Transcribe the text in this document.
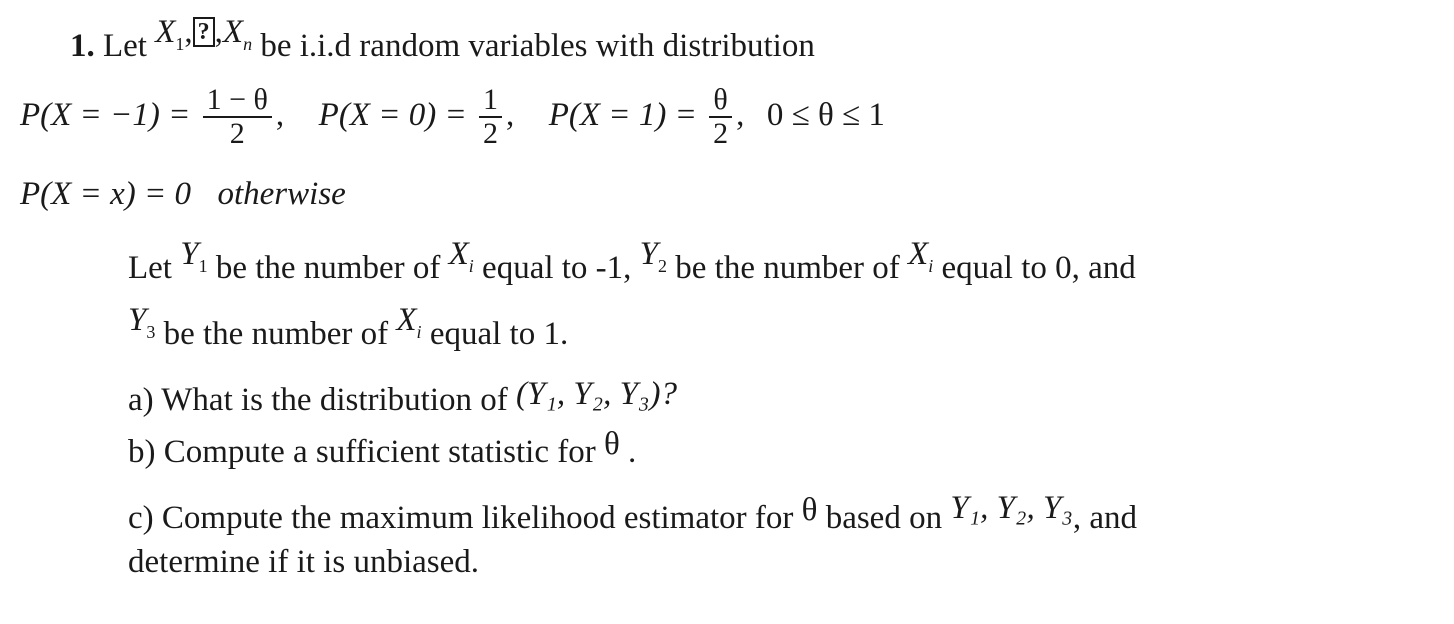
1. Let $X_1$, ? $,X_n$ be i.i.d random variables with distribution
$P(X = -1) = \frac{1 - \theta}{2}$ , $P(X = 0) = \frac{1}{2}$ , $P(X = 1) = \frac{\theta}{2}$ , 0 ≤ θ ≤ 1
P(X = x) = 0 otherwise
Let $Y_1$ be the number of $X_i$ equal to -1, $Y_2$ be the number of $X_i$ equal to 0, and
$Y_3$ be the number of $X_i$ equal to 1.
a) What is the distribution of (Y₁, Y₂, Y₃)?
b) Compute a sufficient statistic for θ .
c) Compute the maximum likelihood estimator for θ based on Y₁, Y₂, Y₃, and
determine if it is unbiased.
